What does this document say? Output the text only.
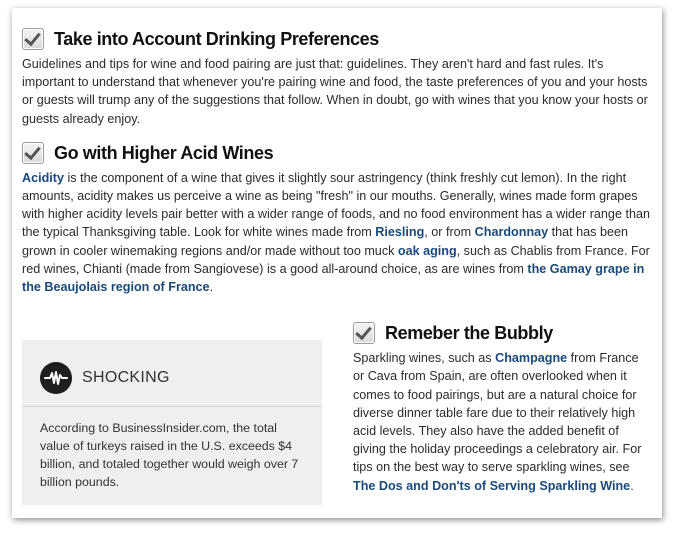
Take into Account Drinking Preferences

Guidelines and tips for wine and food pairing are just that: guidelines. They aren't hard and fast rules. It's important to understand that whenever you're pairing wine and food, the taste preferences of you and your hosts or guests will trump any of the suggestions that follow. When in doubt, go with wines that you know your hosts or guests already enjoy.

Go with Higher Acid Wines

Acidity is the component of a wine that gives it slightly sour astringency (think freshly cut lemon). In the right amounts, acidity makes us perceive a wine as being "fresh" in our mouths. Generally, wines made form grapes with higher acidity levels pair better with a wider range of foods, and no food environment has a wider range than the typical Thanksgiving table. Look for white wines made from Riesling, or from Chardonnay that has been grown in cooler winemaking regions and/or made without too muck oak aging, such as Chablis from France. For red wines, Chianti (made from Sangiovese) is a good all-around choice, as are wines from the Gamay grape in the Beaujolais region of France.

SHOCKING
According to BusinessInsider.com, the total value of turkeys raised in the U.S. exceeds $4 billion, and totaled together would weigh over 7 billion pounds.
Remeber the Bubbly

Sparkling wines, such as Champagne from France or Cava from Spain, are often overlooked when it comes to food pairings, but are a natural choice for diverse dinner table fare due to their relatively high acid levels. They also have the added benefit of giving the holiday proceedings a celebratory air. For tips on the best way to serve sparkling wines, see The Dos and Don'ts of Serving Sparkling Wine.
